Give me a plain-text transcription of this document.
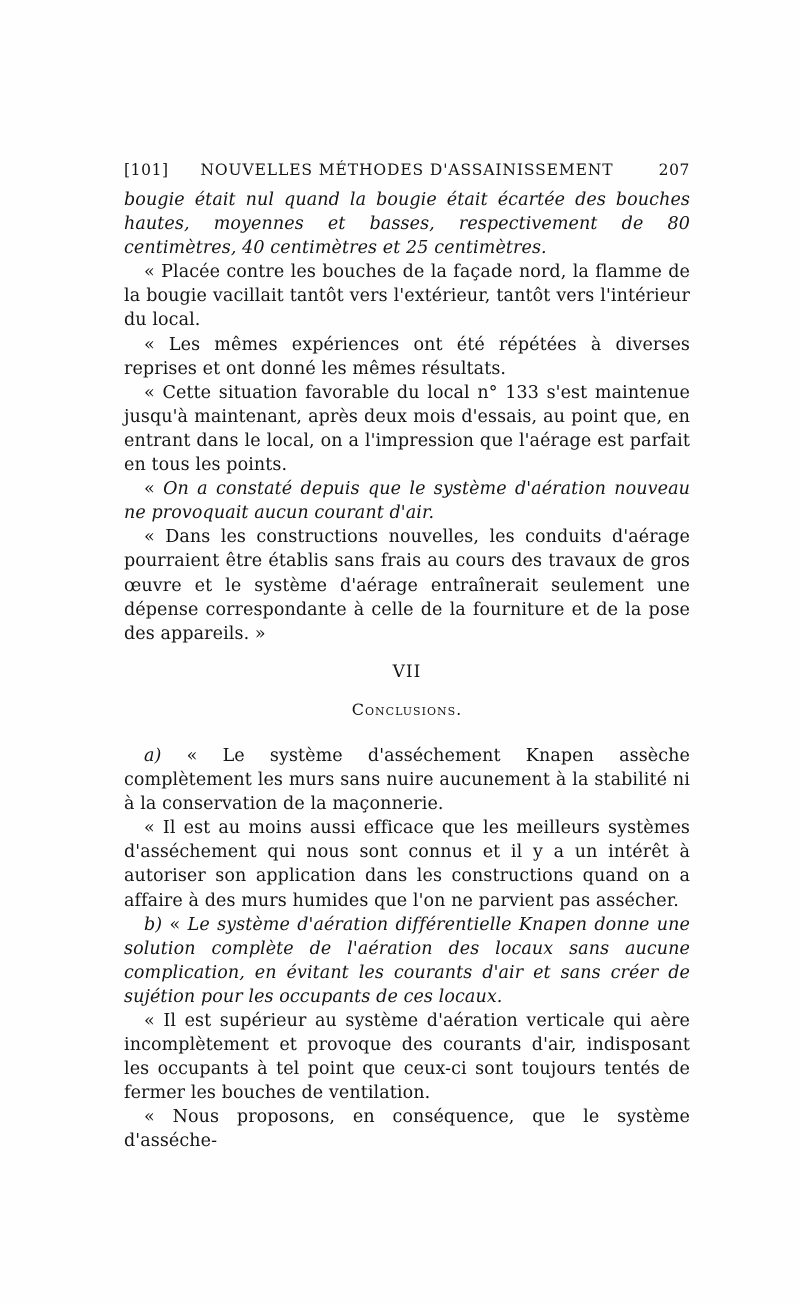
[101]	NOUVELLES MÉTHODES D'ASSAINISSEMENT	207

bougie était nul quand la bougie était écartée des bouches hautes, moyennes et basses, respectivement de 80 centimètres, 40 centimètres et 25 centimètres.

« Placée contre les bouches de la façade nord, la flamme de la bougie vacillait tantôt vers l'extérieur, tantôt vers l'intérieur du local.

« Les mêmes expériences ont été répétées à diverses reprises et ont donné les mêmes résultats.

« Cette situation favorable du local n° 133 s'est maintenue jusqu'à maintenant, après deux mois d'essais, au point que, en entrant dans le local, on a l'impression que l'aérage est parfait en tous les points.

« On a constaté depuis que le système d'aération nouveau ne provoquait aucun courant d'air.

« Dans les constructions nouvelles, les conduits d'aérage pourraient être établis sans frais au cours des travaux de gros œuvre et le système d'aérage entraînerait seulement une dépense correspondante à celle de la fourniture et de la pose des appareils. »

VII
Conclusions.

a) « Le système d'asséchement Knapen assèche complètement les murs sans nuire aucunement à la stabilité ni à la conservation de la maçonnerie.

« Il est au moins aussi efficace que les meilleurs systèmes d'asséchement qui nous sont connus et il y a un intérêt à autoriser son application dans les constructions quand on a affaire à des murs humides que l'on ne parvient pas assécher.

b) « Le système d'aération différentielle Knapen donne une solution complète de l'aération des locaux sans aucune complication, en évitant les courants d'air et sans créer de sujétion pour les occupants de ces locaux.

« Il est supérieur au système d'aération verticale qui aère incomplètement et provoque des courants d'air, indisposant les occupants à tel point que ceux-ci sont toujours tentés de fermer les bouches de ventilation.

« Nous proposons, en conséquence, que le système d'asséche-
